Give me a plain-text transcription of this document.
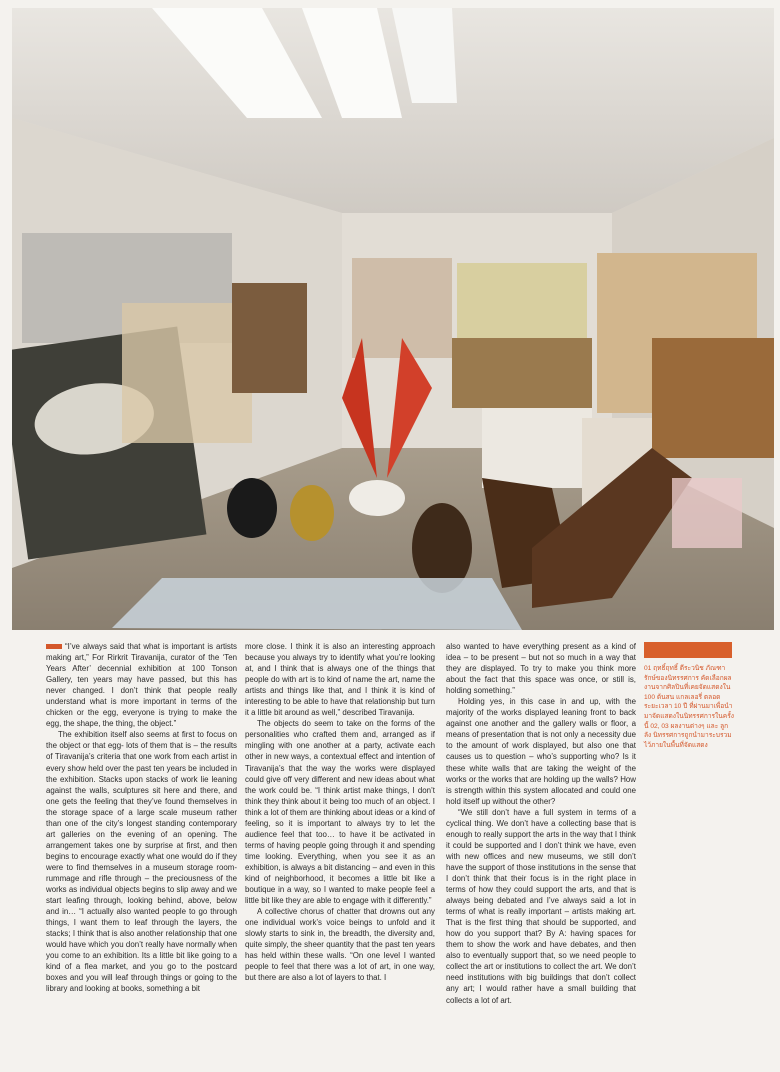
“I’ve always said that what is important is artists making art,” For Rirkrit Tiravanija, curator of the ‘Ten Years After’ decennial exhibition at 100 Tonson Gallery, ten years may have passed, but this has never changed. I don’t think that people really understand what is more important in terms of the chicken or the egg, everyone is trying to make the egg, the shape, the thing, the object.”

The exhibition itself also seems at first to focus on the object or that egg- lots of them that is – the results of Tiravanija’s criteria that one work from each artist in every show held over the past ten years be included in the exhibition. Stacks upon stacks of work lie leaning against the walls, sculptures sit here and there, and one gets the feeling that they’ve found themselves in the storage space of a large scale museum rather than one of the city’s longest standing contemporary art galleries on the evening of an opening. The arrangement takes one by surprise at first, and then begins to encourage exactly what one would do if they were to find themselves in a museum storage room- rummage and rifle through – the preciousness of the works as individual objects begins to slip away and we start leafing through, looking behind, above, below and in… “I actually also wanted people to go through things, I want them to leaf through the layers, the stacks; I think that is also another relationship that one would have which you don’t really have normally when you come to an exhibition. Its a little bit like going to a kind of a flea market, and you go to the postcard boxes and you will leaf through things or going to the library and looking at books, something a bit

more close. I think it is also an interesting approach because you always try to identify what you’re looking at, and I think that is always one of the things that people do with art is to kind of name the art, name the artists and things like that, and I think it is kind of interesting to be able to have that relationship but turn it a little bit around as well,” described Tiravanija.

The objects do seem to take on the forms of the personalities who crafted them and, arranged as if mingling with one another at a party, activate each other in new ways, a contextual effect and intention of Tiravanija’s that the way the works were displayed could give off very different and new ideas about what the work could be. “I think artist make things, I don’t think they think about it being too much of an object. I think a lot of them are thinking about ideas or a kind of feeling, so it is important to always try to let the audience feel that too… to have it be activated in terms of having people going through it and spending time looking. Everything, when you see it as an exhibition, is always a bit distancing – and even in this kind of neighborhood, it becomes a little bit like a boutique in a way, so I wanted to make people feel a little bit like they are able to engage with it differently.”

A collective chorus of chatter that drowns out any one individual work’s voice beings to unfold and it slowly starts to sink in, the breadth, the diversity and, quite simply, the sheer quantity that the past ten years has held within these walls. “On one level I wanted people to feel that there was a lot of art, in one way, but there are also a lot of layers to that. I

also wanted to have everything present as a kind of idea – to be present – but not so much in a way that they are displayed. To try to make you think more about the fact that this space was once, or still is, holding something.”

Holding yes, in this case in and up, with the majority of the works displayed leaning front to back against one another and the gallery walls or floor, a means of presentation that is not only a necessity due to the amount of work displayed, but also one that causes us to question – who’s supporting who? Is it these white walls that are taking the weight of the works or the works that are holding up the walls? How is strength within this system allocated and could one hold itself up without the other?

“We still don’t have a full system in terms of a cyclical thing. We don’t have a collecting base that is enough to really support the arts in the way that I think it could be supported and I don’t think we have, even with new offices and new museums, we still don’t have the support of those institutions in the sense that I don’t think that their focus is in the right place in terms of how they could support the arts, and that is always being debated and I’ve always said a lot in terms of what is really important – artists making art. That is the first thing that should be supported, and how do you support that? By A: having spaces for them to show the work and have debates, and then also to eventually support that, so we need people to collect the art or institutions to collect the art. We don’t need institutions with big buildings that don’t collect any art; I would rather have a small building that collects a lot of art.

01 ฤทธิ์ฤทธิ์ ตีระวนิช ภัณฑารักษ์ของนิทรรศการ คัดเลือกผลงานจากศิลปินที่เคยจัดแสดงใน 100 ต้นสน แกลเลอรี่ ตลอดระยะเวลา 10 ปี ที่ผ่านมาเพื่อนำมาจัดแสดงในนิทรรศการในครั้งนี้ 02, 03 ผลงานต่างๆ และ ลูกลัง นิทรรศการถูกนำมาระบรวมไว้ภายในพื้นที่จัดแสดง
